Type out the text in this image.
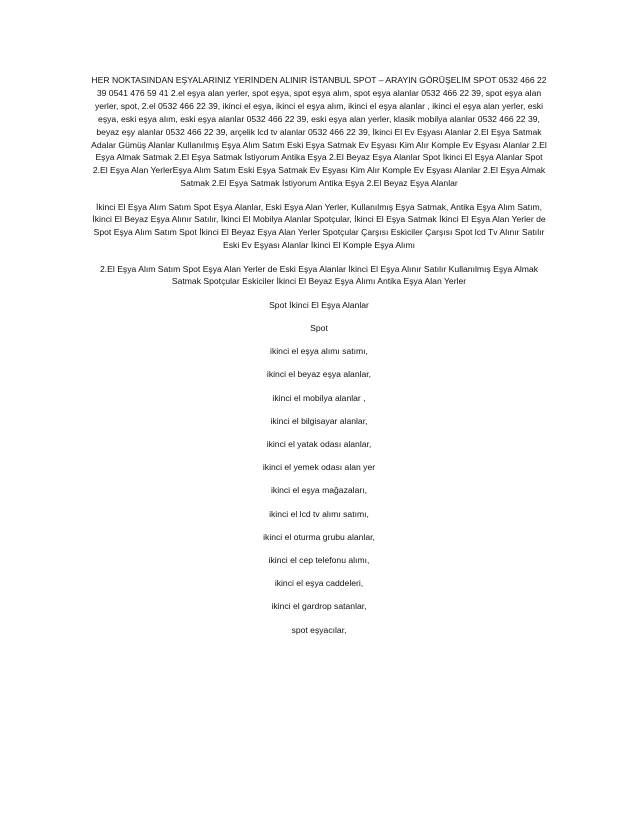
HER NOKTASINDAN EŞYALARINIZ YERİNDEN ALINIR İSTANBUL SPOT – ARAYIN GÖRÜŞELİM SPOT 0532 466 22 39 0541 476 59 41 2.el eşya alan yerler, spot eşya, spot eşya alım, spot eşya alanlar 0532 466 22 39, spot eşya alan yerler, spot, 2.el 0532 466 22 39, ikinci el eşya, ikinci el eşya alım, ikinci el eşya alanlar , ikinci el eşya alan yerler, eski eşya, eski eşya alım, eski eşya alanlar 0532 466 22 39, eski eşya alan yerler, klasik mobilya alanlar 0532 466 22 39, beyaz eşy alanlar 0532 466 22 39, arçelik lcd tv alanlar 0532 466 22 39, İkinci El Ev Eşyası Alanlar 2.El Eşya Satmak Adalar Gümüş Alanlar Kullanılmış Eşya Alım Satım Eski Eşya Satmak Ev Eşyası Kim Alır Komple Ev Eşyası Alanlar 2.El Eşya Almak Satmak 2.El Eşya Satmak İstiyorum Antika Eşya 2.El Beyaz Eşya Alanlar Spot İkinci El Eşya Alanlar Spot 2.El Eşya Alan YerlerEşya Alım Satım Eski Eşya Satmak Ev Eşyası Kim Alır Komple Ev Eşyası Alanlar 2.El Eşya Almak Satmak 2.El Eşya Satmak İstiyorum Antika Eşya 2.El Beyaz Eşya Alanlar

İkinci El Eşya Alım Satım Spot Eşya Alanlar, Eski Eşya Alan Yerler, Kullanılmış Eşya Satmak, Antika Eşya Alım Satım, İkinci El Beyaz Eşya Alınır Satılır, İkinci El Mobilya Alanlar Spotçular, İkinci El Eşya Satmak İkinci El Eşya Alan Yerler de Spot Eşya Alım Satım Spot İkinci El Beyaz Eşya Alan Yerler Spotçular Çarşısı Eskiciler Çarşısı Spot lcd Tv Alınır Satılır Eski Ev Eşyası Alanlar İkinci El Komple Eşya Alımı

2.El Eşya Alım Satım Spot Eşya Alan Yerler de Eski Eşya Alanlar İkinci El Eşya Alınır Satılır Kullanılmış Eşya Almak Satmak Spotçular Eskiciler İkinci El Beyaz Eşya Alımı Antika Eşya Alan Yerler

Spot İkinci El Eşya Alanlar
Spot
ikinci el eşya alımı satımı,
ikinci el beyaz eşya alanlar,
ikinci el mobilya alanlar ,
ikinci el bilgisayar alanlar,
ikinci el yatak odası alanlar,
ikinci el yemek odası alan yer
ikinci el eşya mağazaları,
ikinci el lcd tv alımı satımı,
ikinci el oturma grubu alanlar,
ikinci el cep telefonu alımı,
ikinci el eşya caddeleri,
ikinci el gardrop satanlar,
spot eşyacılar,
